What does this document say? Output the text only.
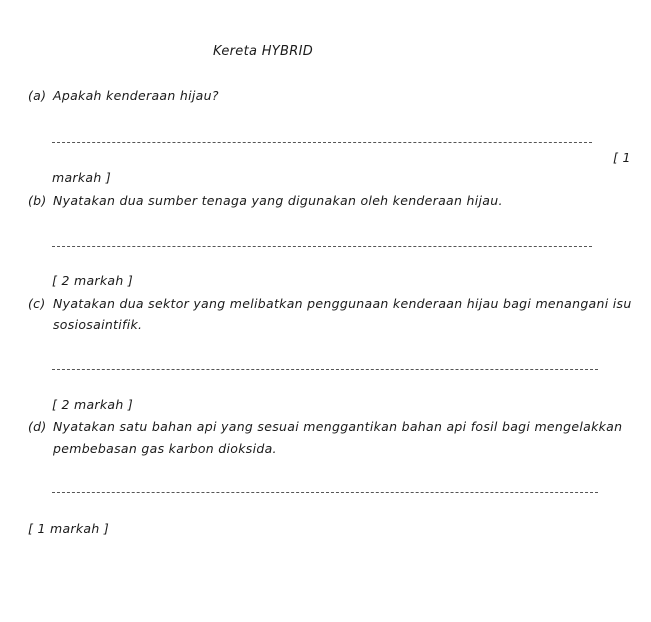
Kereta HYBRID
(a) Apakah kenderaan hijau?
[ 1
markah ]
(b) Nyatakan dua sumber tenaga yang digunakan oleh kenderaan hijau.
[ 2 markah ]
(c) Nyatakan dua sektor yang melibatkan penggunaan kenderaan hijau bagi menangani isu
sosiosaintifik.
[ 2 markah ]
(d) Nyatakan satu bahan api yang sesuai menggantikan bahan api fosil bagi mengelakkan
pembebasan gas karbon dioksida.
[ 1 markah ]
